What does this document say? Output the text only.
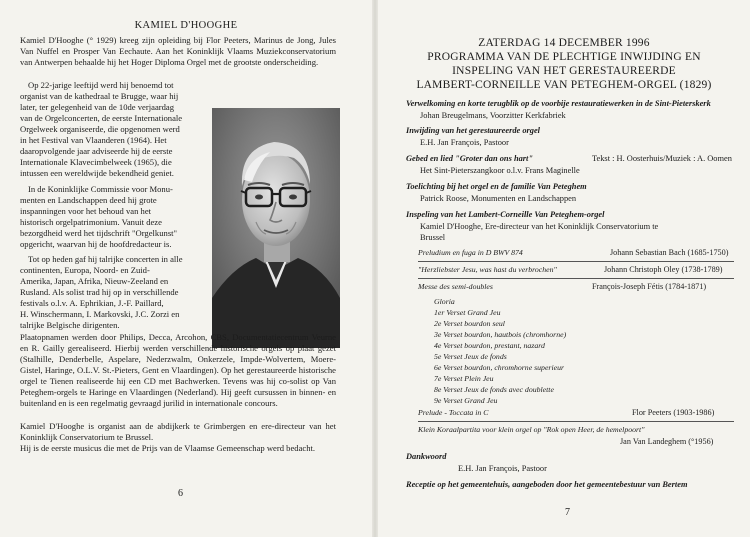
KAMIEL D'HOOGHE

Kamiel D'Hooghe (° 1929) kreeg zijn opleiding bij Flor Peeters, Marinus de Jong, Jules Van Nuffel en Prosper Van Eechaute. Aan het Koninklijk Vlaams Muziekconservatorium van Antwerpen behaalde hij het Hoger Diploma Orgel met de grootste onderscheiding.

Op 22-jarige leeftijd werd hij benoemd tot
organist van de kathedraal te Brugge, waar hij
later, ter gelegenheid van de 10de verjaardag
van de Orgelconcerten, de eerste Internationale
Orgelweek organiseerde, die opgenomen werd
in het Festival van Vlaanderen (1964). Het
daaropvolgende jaar adviseerde hij de eerste
Internationale Klavecimbelweek (1965), die
intussen een wereldwijde bekendheid geniet.
In de Koninklijke Commissie voor Monu-
menten en Landschappen deed hij grote
inspanningen voor het behoud van het
historisch orgelpatrimonium. Vanuit deze
bezorgdheid werd het tijdschrift "Orgelkunst"
opgericht, waarvan hij de hoofdredacteur is.
Tot op heden gaf hij talrijke concerten in alle
continenten, Europa, Noord- en Zuid-
Amerika, Japan, Afrika, Nieuw-Zeeland en
Rusland. Als solist trad hij op in verschillende
festivals o.l.v. A. Ephrikian, J.-F. Paillard,
H. Winschermann, I. Markovski, J.C. Zorzi en
talrijke Belgische dirigenten.

Plaatopnamen werden door Philips, Decca, Arcohon, CBS, Documentatiecentrum Veurne en R. Gailly gerealiseerd. Hierbij werden verschillende historische orgels op plaat gezet (Stalhille, Denderbelle, Aspelare, Nederzwalm, Onkerzele, Impde-Wolvertem, Moere-Gistel, Haringe, O.L.V. St.-Pieters, Gent en Vlaardingen). Op het gerestaureerde historische orgel te Tienen realiseerde hij een CD met Bachwerken. Tevens was hij co-solist op Van Peteghem-orgels te Haringe en Vlaardingen (Nederland). Hij geeft cursussen in binnen- en buitenland en is een regelmatig gevraagd jurilid in internationale concours.

Kamiel D'Hooghe is organist aan de abdijkerk te Grimbergen en ere-directeur van het Koninklijk Conservatorium te Brussel.

Hij is de eerste musicus die met de Prijs van de Vlaamse Gemeenschap werd bedacht.

6
ZATERDAG 14 DECEMBER 1996
PROGRAMMA VAN DE PLECHTIGE INWIJDING EN
INSPELING VAN HET GERESTAUREERDE
LAMBERT-CORNEILLE VAN PETEGHEM-ORGEL (1829)
Verwelkoming en korte terugblik op de voorbije restauratiewerken in de Sint-Pieterskerk
Johan Breugelmans, Voorzitter Kerkfabriek
Inwijding van het gerestaureerde orgel
E.H. Jan François, Pastoor
Gebed en lied "Groter dan ons hart"	Tekst : H. Oosterhuis/Muziek : A. Oomen
Het Sint-Pieterszangkoor o.l.v. Frans Maginelle
Toelichting bij het orgel en de familie Van Peteghem
Patrick Roose, Monumenten en Landschappen
Inspeling van het Lambert-Corneille Van Peteghem-orgel
Kamiel D'Hooghe, Ere-directeur van het Koninklijk Conservatorium te
Brussel
Preludium en fuga in D BWV 874	Johann Sebastian Bach (1685-1750)
"Herzliebster Jesu, was hast du verbrochen"	Johann Christoph Oley (1738-1789)
Messe des semi-doubles	François-Joseph Fétis (1784-1871)
Gloria
1er Verset Grand Jeu
2e Verset bourdon seul
3e Verset bourdon, hautbois (chromhorne)
4e Verset bourdon, prestant, nazard
5e Verset Jeux de fonds
6e Verset bourdon, chromhorne superieur
7e Verset Plein Jeu
8e Verset Jeux de fonds avec doublette
9e Verset Grand Jeu
Prelude - Toccata in C	Flor Peeters (1903-1986)
Klein Koraalpartita voor klein orgel op "Rok open Heer, de hemelpoort"
Jan Van Landeghem (°1956)
Dankwoord
E.H. Jan François, Pastoor
Receptie op het gemeentehuis, aangeboden door het gemeentebestuur van Bertem
7
